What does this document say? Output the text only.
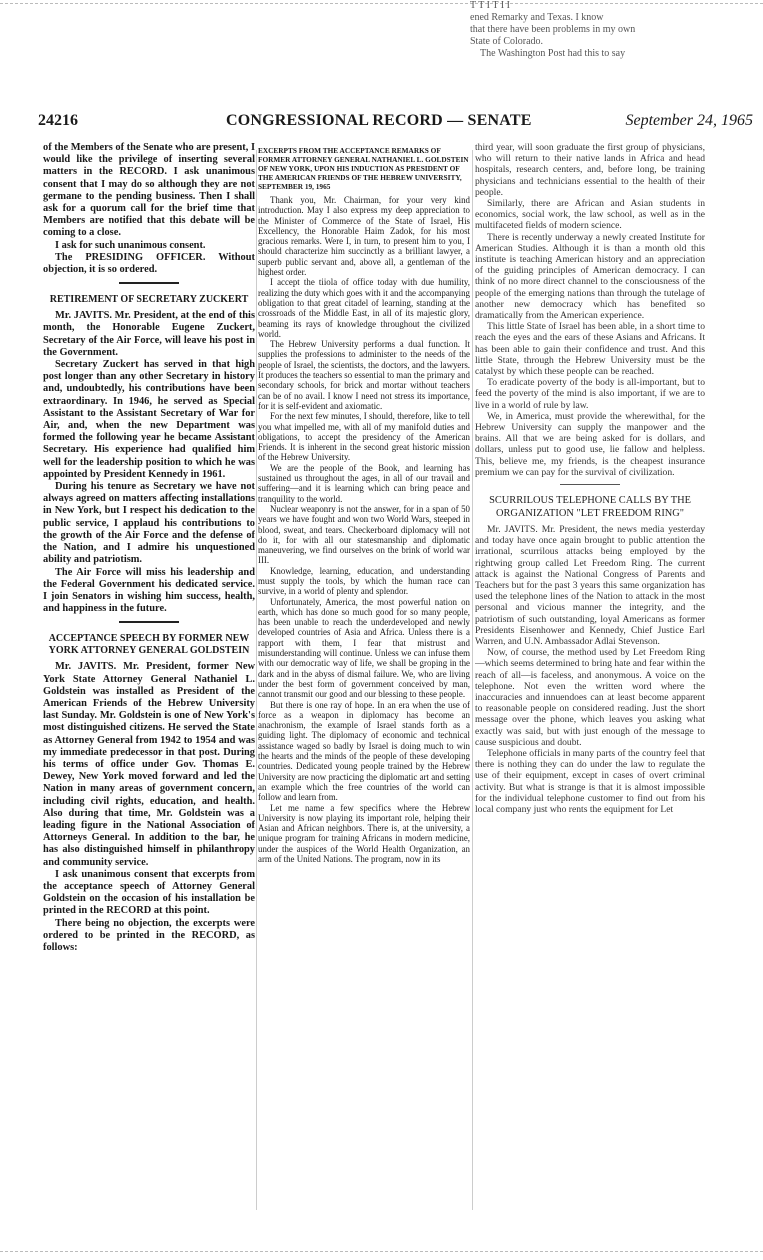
T T I T I I

ened Remarky and Texas. I know

that there have been problems in my own

State of Colorado.

The Washington Post had this to say

24216	CONGRESSIONAL RECORD — SENATE	September 24, 1965

of the Members of the Senate who are present, I would like the privilege of inserting several matters in the RECORD. I ask unanimous consent that I may do so although they are not germane to the pending business. Then I shall ask for a quorum call for the brief time that Members are notified that this debate will be coming to a close.

I ask for such unanimous consent.

The PRESIDING OFFICER. Without objection, it is so ordered.

RETIREMENT OF SECRETARY ZUCKERT

Mr. JAVITS. Mr. President, at the end of this month, the Honorable Eugene Zuckert, Secretary of the Air Force, will leave his post in the Government.

Secretary Zuckert has served in that high post longer than any other Secretary in history and, undoubtedly, his contributions have been extraordinary. In 1946, he served as Special Assistant to the Assistant Secretary of War for Air, and, when the new Department was formed the following year he became Assistant Secretary. His experience had qualified him well for the leadership position to which he was appointed by President Kennedy in 1961.

During his tenure as Secretary we have not always agreed on matters affecting installations in New York, but I respect his dedication to the public service, I applaud his contributions to the growth of the Air Force and the defense of the Nation, and I admire his unquestioned ability and patriotism.

The Air Force will miss his leadership and the Federal Government his dedicated service. I join Senators in wishing him success, health, and happiness in the future.

ACCEPTANCE SPEECH BY FORMER NEW YORK ATTORNEY GENERAL GOLDSTEIN

Mr. JAVITS. Mr. President, former New York State Attorney General Nathaniel L. Goldstein was installed as President of the American Friends of the Hebrew University last Sunday. Mr. Goldstein is one of New York's most distinguished citizens. He served the State as Attorney General from 1942 to 1954 and was my immediate predecessor in that post. During his terms of office under Gov. Thomas E. Dewey, New York moved forward and led the Nation in many areas of government concern, including civil rights, education, and health. Also during that time, Mr. Goldstein was a leading figure in the National Association of Attorneys General. In addition to the bar, he has also distinguished himself in philanthropy and community service.

I ask unanimous consent that excerpts from the acceptance speech of Attorney General Goldstein on the occasion of his installation be printed in the RECORD at this point.

There being no objection, the excerpts were ordered to be printed in the RECORD, as follows:

EXCERPTS FROM THE ACCEPTANCE REMARKS OF FORMER ATTORNEY GENERAL NATHANIEL L. GOLDSTEIN OF NEW YORK, UPON HIS INDUCTION AS PRESIDENT OF THE AMERICAN FRIENDS OF THE HEBREW UNIVERSITY, SEPTEMBER 19, 1965

Thank you, Mr. Chairman, for your very kind introduction. May I also express my deep appreciation to the Minister of Commerce of the State of Israel, His Excellency, the Honorable Haim Zadok, for his most gracious remarks. Were I, in turn, to present him to you, I should characterize him succinctly as a brilliant lawyer, a superb public servant and, above all, a gentleman of the highest order.

I accept the tiiola of office today with due humility, realizing the duty which goes with it and the accompanying obligation to that great citadel of learning, standing at the crossroads of the Middle East, in all of its majestic glory, beaming its rays of knowledge throughout the civilized world.

The Hebrew University performs a dual function. It supplies the professions to administer to the needs of the people of Israel, the scientists, the doctors, and the lawyers. It produces the teachers so essential to man the primary and secondary schools, for brick and mortar without teachers can be of no avail. I know I need not stress its importance, for it is self-evident and axiomatic.

For the next few minutes, I should, therefore, like to tell you what impelled me, with all of my manifold duties and obligations, to accept the presidency of the American Friends. It is inherent in the second great historic mission of the Hebrew University.

We are the people of the Book, and learning has sustained us throughout the ages, in all of our travail and suffering—and it is learning which can bring peace and tranquility to the world.

Nuclear weaponry is not the answer, for in a span of 50 years we have fought and won two World Wars, steeped in blood, sweat, and tears. Checkerboard diplomacy will not do it, for with all our statesmanship and diplomatic maneuvering, we find ourselves on the brink of world war III.

Knowledge, learning, education, and understanding must supply the tools, by which the human race can survive, in a world of plenty and splendor.

Unfortunately, America, the most powerful nation on earth, which has done so much good for so many people, has been unable to reach the underdeveloped and newly developed countries of Asia and Africa. Unless there is a rapport with them, I fear that mistrust and misunderstanding will continue. Unless we can infuse them with our democratic way of life, we shall be groping in the dark and in the abyss of dismal failure. We, who are living under the best form of government conceived by man, cannot transmit our good and our blessing to these people.

But there is one ray of hope. In an era when the use of force as a weapon in diplomacy has become an anachronism, the example of Israel stands forth as a guiding light. The diplomacy of economic and technical assistance waged so badly by Israel is doing much to win the hearts and the minds of the people of these developing countries. Dedicated young people trained by the Hebrew University are now practicing the diplomatic art and setting an example which the free countries of the world can follow and learn from.

Let me name a few specifics where the Hebrew University is now playing its important role, helping their Asian and African neighbors. There is, at the university, a unique program for training Africans in modern medicine, under the auspices of the World Health Organization, an arm of the United Nations. The program, now in its

third year, will soon graduate the first group of physicians, who will return to their native lands in Africa and head hospitals, research centers, and, before long, be training physicians and technicians essential to the health of their people.

Similarly, there are African and Asian students in economics, social work, the law school, as well as in the multifaceted fields of modern science.

There is recently underway a newly created Institute for American Studies. Although it is than a month old this institute is teaching American history and an appreciation of the guiding principles of American democracy. I can think of no more direct channel to the consciousness of the people of the emerging nations than through the tutelage of another new democracy which has benefited so dramatically from the American experience.

This little State of Israel has been able, in a short time to reach the eyes and the ears of these Asians and Africans. It has been able to gain their confidence and trust. And this little State, through the Hebrew University must be the catalyst by which these people can be reached.

To eradicate poverty of the body is all-important, but to feed the poverty of the mind is also important, if we are to live in a world of rule by law.

We, in America, must provide the wherewithal, for the Hebrew University can supply the manpower and the brains. All that we are being asked for is dollars, and dollars, unless put to good use, lie fallow and helpless. This, believe me, my friends, is the cheapest insurance premium we can pay for the survival of civilization.

SCURRILOUS TELEPHONE CALLS BY THE ORGANIZATION "LET FREEDOM RING"

Mr. JAVITS. Mr. President, the news media yesterday and today have once again brought to public attention the irrational, scurrilous attacks being employed by the rightwing group called Let Freedom Ring. The current attack is against the National Congress of Parents and Teachers but for the past 3 years this same organization has used the telephone lines of the Nation to attack in the most personal and vicious manner the integrity, and the patriotism of such outstanding, loyal Americans as former Presidents Eisenhower and Kennedy, Chief Justice Earl Warren, and U.N. Ambassador Adlai Stevenson.

Now, of course, the method used by Let Freedom Ring—which seems determined to bring hate and fear within the reach of all—is faceless, and anonymous. A voice on the telephone. Not even the written word where the inaccuracies and innuendoes can at least become apparent to reasonable people on considered reading. Just the short message over the phone, which leaves you asking what exactly was said, but with just enough of the message to cause suspicious and doubt.

Telephone officials in many parts of the country feel that there is nothing they can do under the law to regulate the use of their equipment, except in cases of overt criminal activity. But what is strange is that it is almost impossible for the individual telephone customer to find out from his local company just who rents the equipment for Let
